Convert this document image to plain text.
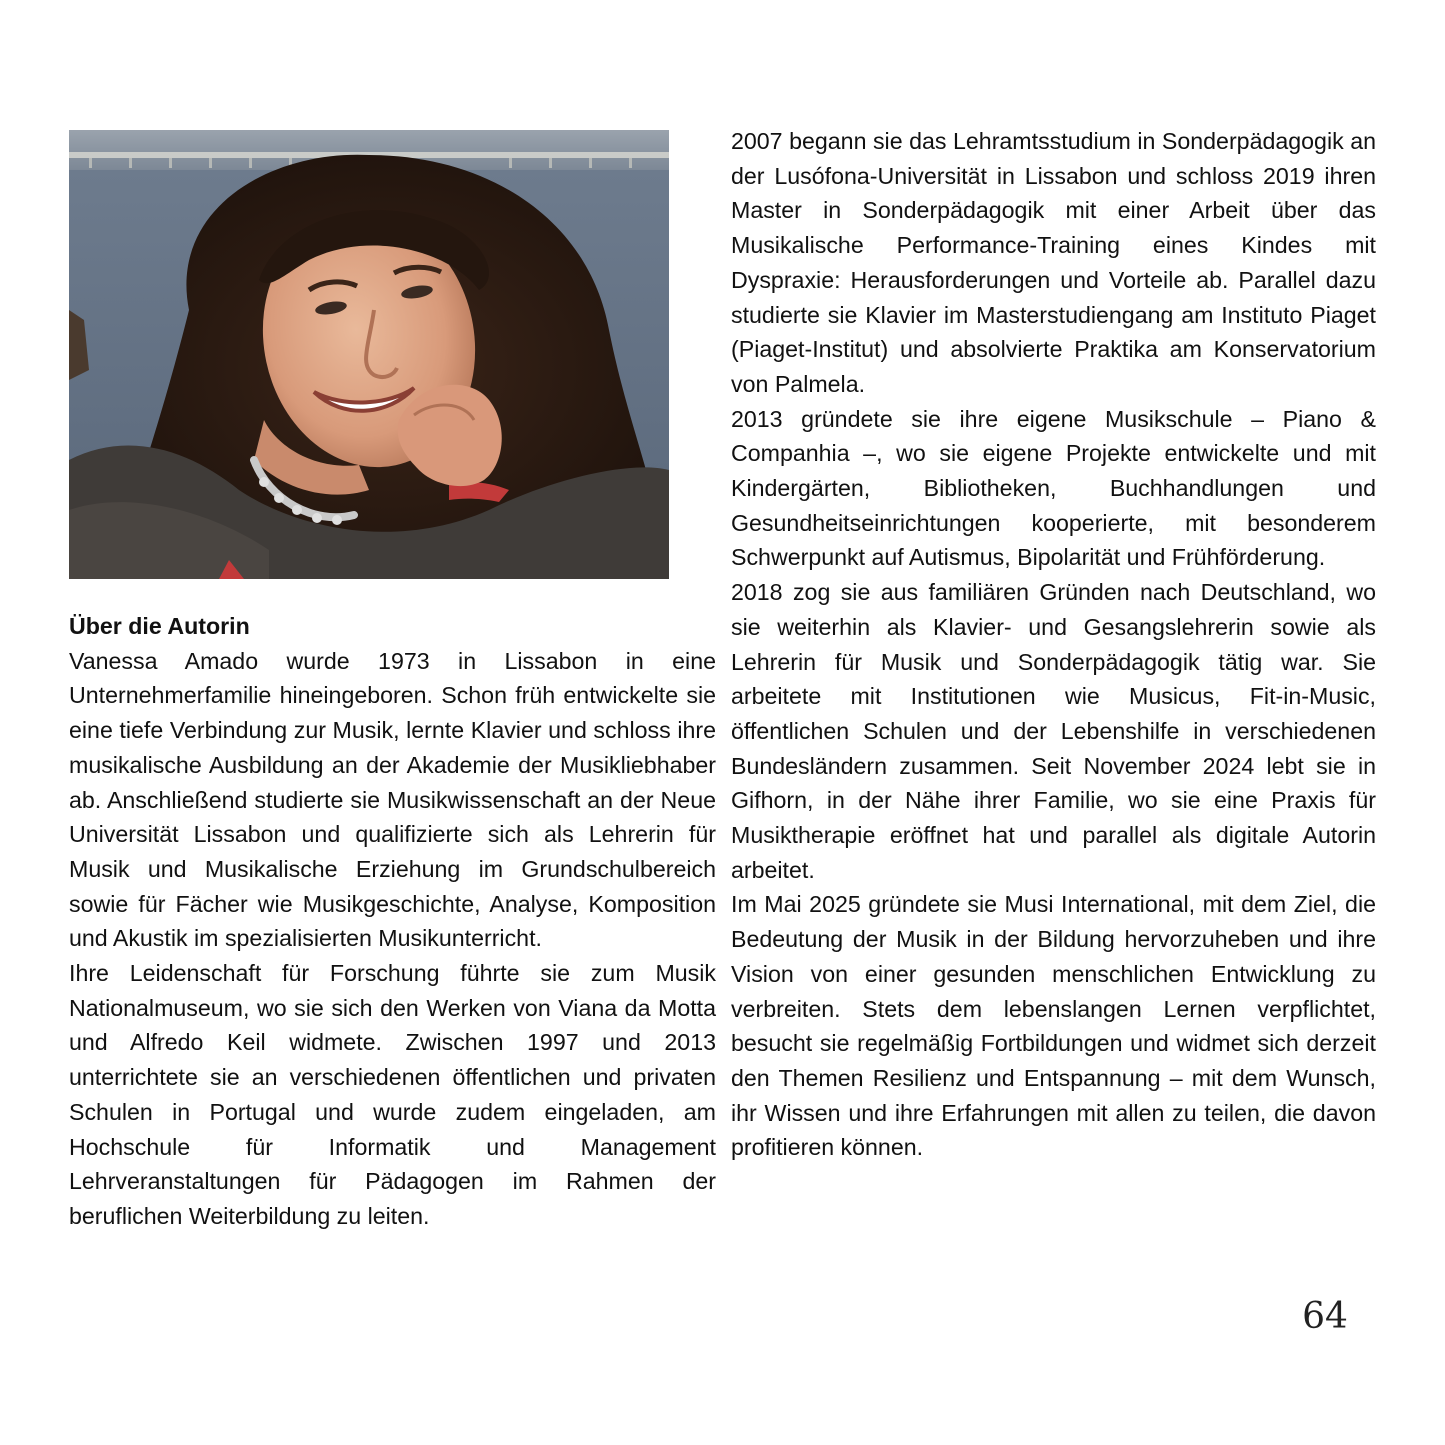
Über die Autorin

Vanessa Amado wurde 1973 in Lissabon in eine Unternehmerfamilie hineingeboren. Schon früh entwickelte sie eine tiefe Verbindung zur Musik, lernte Klavier und schloss ihre musikalische Ausbildung an der Akademie der Musikliebhaber ab. Anschließend studierte sie Musikwissenschaft an der Neue Universität Lissabon und qualifizierte sich als Lehrerin für Musik und Musikalische Erziehung im Grundschulbereich sowie für Fächer wie Musikgeschichte, Analyse, Komposition und Akustik im spezialisierten Musikunterricht.

Ihre Leidenschaft für Forschung führte sie zum Musik Nationalmuseum, wo sie sich den Werken von Viana da Motta und Alfredo Keil widmete. Zwischen 1997 und 2013 unterrichtete sie an verschiedenen öffentlichen und privaten Schulen in Portugal und wurde zudem eingeladen, am Hochschule für Informatik und Management Lehrveranstaltungen für Pädagogen im Rahmen der beruflichen Weiterbildung zu leiten.

2007 begann sie das Lehramtsstudium in Sonderpädagogik an der Lusófona-Universität in Lissabon und schloss 2019 ihren Master in Sonderpädagogik mit einer Arbeit über das Musikalische Performance-Training eines Kindes mit Dyspraxie: Herausforderungen und Vorteile ab. Parallel dazu studierte sie Klavier im Masterstudiengang am Instituto Piaget (Piaget-Institut) und absolvierte Praktika am Konservatorium von Palmela.

2013 gründete sie ihre eigene Musikschule – Piano & Companhia –, wo sie eigene Projekte entwickelte und mit Kindergärten, Bibliotheken, Buchhandlungen und Gesundheitseinrichtungen kooperierte, mit besonderem Schwerpunkt auf Autismus, Bipolarität und Frühförderung.

2018 zog sie aus familiären Gründen nach Deutschland, wo sie weiterhin als Klavier- und Gesangslehrerin sowie als Lehrerin für Musik und Sonderpädagogik tätig war. Sie arbeitete mit Institutionen wie Musicus, Fit-in-Music, öffentlichen Schulen und der Lebenshilfe in verschiedenen Bundesländern zusammen. Seit November 2024 lebt sie in Gifhorn, in der Nähe ihrer Familie, wo sie eine Praxis für Musiktherapie eröffnet hat und parallel als digitale Autorin arbeitet.

Im Mai 2025 gründete sie Musi International, mit dem Ziel, die Bedeutung der Musik in der Bildung hervorzuheben und ihre Vision von einer gesunden menschlichen Entwicklung zu verbreiten. Stets dem lebenslangen Lernen verpflichtet, besucht sie regelmäßig Fortbildungen und widmet sich derzeit den Themen Resilienz und Entspannung – mit dem Wunsch, ihr Wissen und ihre Erfahrungen mit allen zu teilen, die davon profitieren können.

64
